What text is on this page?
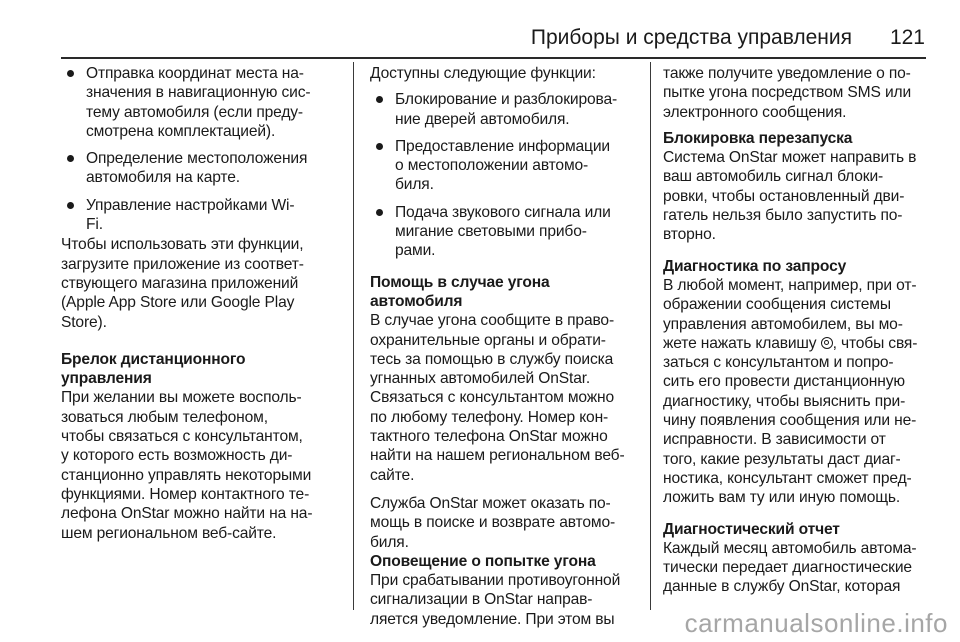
Приборы и средства управления 121
Отправка координат места на-
значения в навигационную сис-
тему автомобиля (если преду-
смотрена комплектацией).
Определение местоположения
автомобиля на карте.
Управление настройками Wi-
Fi.

Чтобы использовать эти функции,
загрузите приложение из соответ-
ствующего магазина приложений
(Apple App Store или Google Play
Store).

Брелок дистанционного
управления

При желании вы можете восполь-
зоваться любым телефоном,
чтобы связаться с консультантом,
у которого есть возможность ди-
станционно управлять некоторыми
функциями. Номер контактного те-
лефона OnStar можно найти на на-
шем региональном веб-сайте.

Доступны следующие функции:

Блокирование и разблокирова-
ние дверей автомобиля.
Предоставление информации
о местоположении автомо-
биля.
Подача звукового сигнала или
мигание световыми прибо-
рами.
Помощь в случае угона
автомобиля

В случае угона сообщите в право-
охранительные органы и обрати-
тесь за помощью в службу поиска
угнанных автомобилей OnStar.
Связаться с консультантом можно
по любому телефону. Номер кон-
тактного телефона OnStar можно
найти на нашем региональном веб-
сайте.

Служба OnStar может оказать по-
мощь в поиске и возврате автомо-
биля.

Оповещение о попытке угона

При срабатывании противоугонной
сигнализации в OnStar направ-
ляется уведомление. При этом вы

также получите уведомление о по-
пытке угона посредством SMS или
электронного сообщения.

Блокировка перезапуска

Система OnStar может направить в
ваш автомобиль сигнал блоки-
ровки, чтобы остановленный дви-
гатель нельзя было запустить по-
вторно.

Диагностика по запросу

В любой момент, например, при от-
ображении сообщения системы
управления автомобилем, вы мо-
жете нажать клавишу , чтобы свя-
заться с консультантом и попро-
сить его провести дистанционную
диагностику, чтобы выяснить при-
чину появления сообщения или не-
исправности. В зависимости от
того, какие результаты даст диаг-
ностика, консультант сможет пред-
ложить вам ту или иную помощь.

Диагностический отчет

Каждый месяц автомобиль автома-
тически передает диагностические
данные в службу OnStar, которая

carmanualsonline.info
